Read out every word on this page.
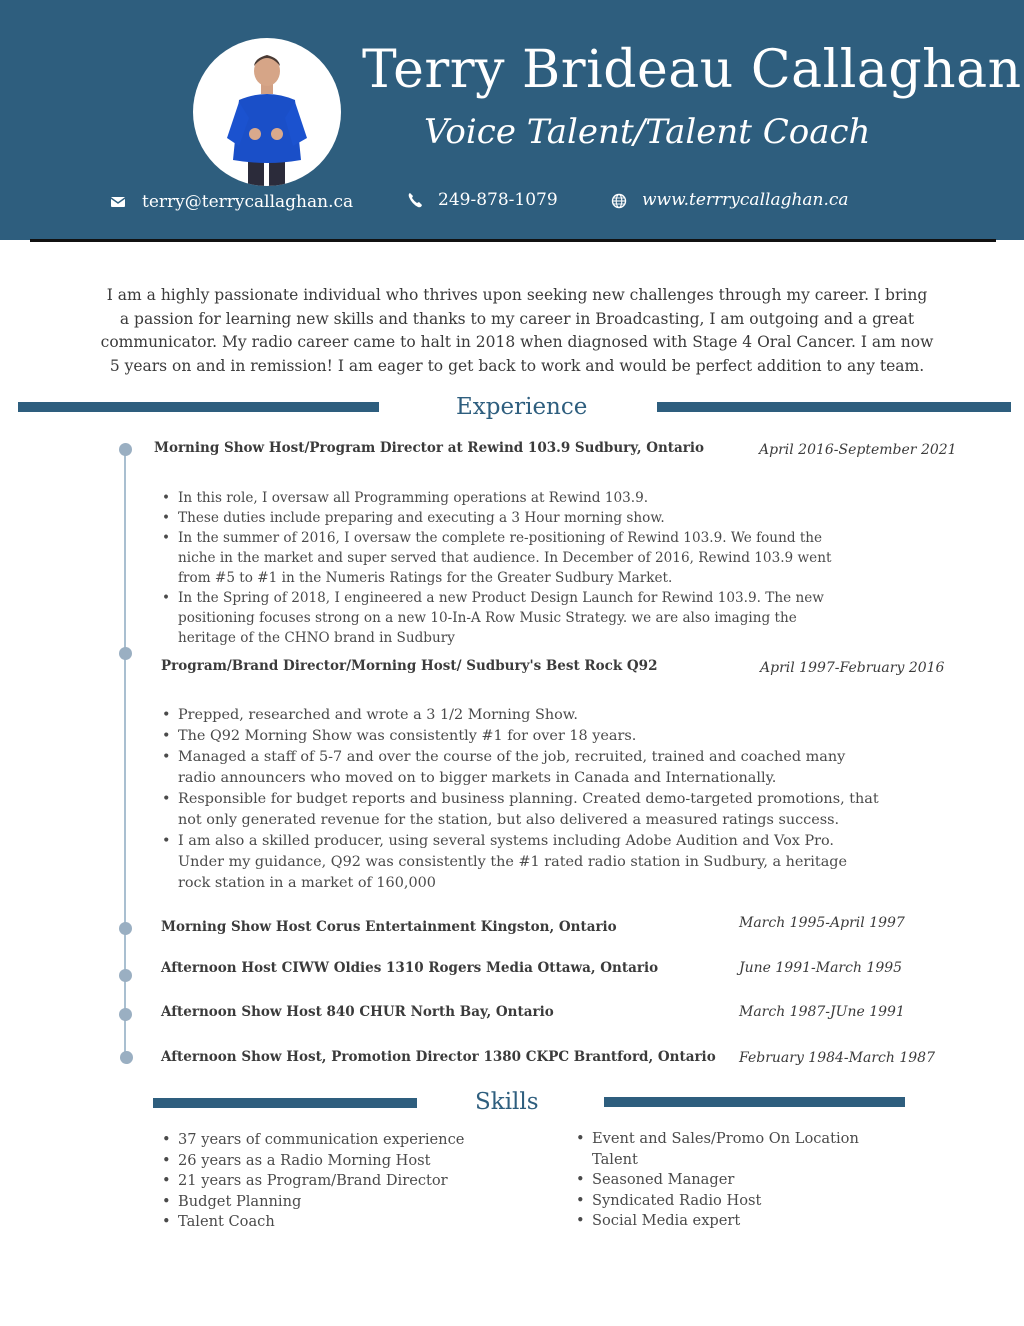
Terry Brideau Callaghan
Voice Talent/Talent Coach
terry@terrycallaghan.ca	249-878-1079	www.terrrycallaghan.ca

I am a highly passionate individual who thrives upon seeking new challenges through my career. I bring a passion for learning new skills and thanks to my career in Broadcasting, I am outgoing and a great communicator. My radio career came to halt in 2018 when diagnosed with Stage 4 Oral Cancer. I am now 5 years on and in remission! I am eager to get back to work and would be perfect addition to any team.

Experience
Morning Show Host/Program Director at Rewind 103.9 Sudbury, Ontario	April 2016-September 2021
• In this role, I oversaw all Programming operations at Rewind 103.9.
• These duties include preparing and executing a 3 Hour morning show.
• In the summer of 2016, I oversaw the complete re-positioning of Rewind 103.9. We found the niche in the market and super served that audience. In December of 2016, Rewind 103.9 went from #5 to #1 in the Numeris Ratings for the Greater Sudbury Market.
• In the Spring of 2018, I engineered a new Product Design Launch for Rewind 103.9. The new positioning focuses strong on a new 10-In-A Row Music Strategy. we are also imaging the heritage of the CHNO brand in Sudbury
Program/Brand Director/Morning Host/ Sudbury's Best Rock Q92	April 1997-February 2016
• Prepped, researched and wrote a 3 1/2 Morning Show.
• The Q92 Morning Show was consistently #1 for over 18 years.
• Managed a staff of 5-7 and over the course of the job, recruited, trained and coached many radio announcers who moved on to bigger markets in Canada and Internationally.
• Responsible for budget reports and business planning. Created demo-targeted promotions, that not only generated revenue for the station, but also delivered a measured ratings success.
• I am also a skilled producer, using several systems including Adobe Audition and Vox Pro. Under my guidance, Q92 was consistently the #1 rated radio station in Sudbury, a heritage rock station in a market of 160,000
Morning Show Host Corus Entertainment Kingston, Ontario	March 1995-April 1997
Afternoon Host CIWW Oldies 1310 Rogers Media Ottawa, Ontario	June 1991-March 1995
Afternoon Show Host 840 CHUR North Bay, Ontario	March 1987-JUne 1991
Afternoon Show Host, Promotion Director 1380 CKPC Brantford, Ontario February 1984-March 1987
Skills
• 37 years of communication experience
• 26 years as a Radio Morning Host
• 21 years as Program/Brand Director
• Budget Planning
• Talent Coach
• Event and Sales/Promo On Location Talent
• Seasoned Manager
• Syndicated Radio Host
• Social Media expert
